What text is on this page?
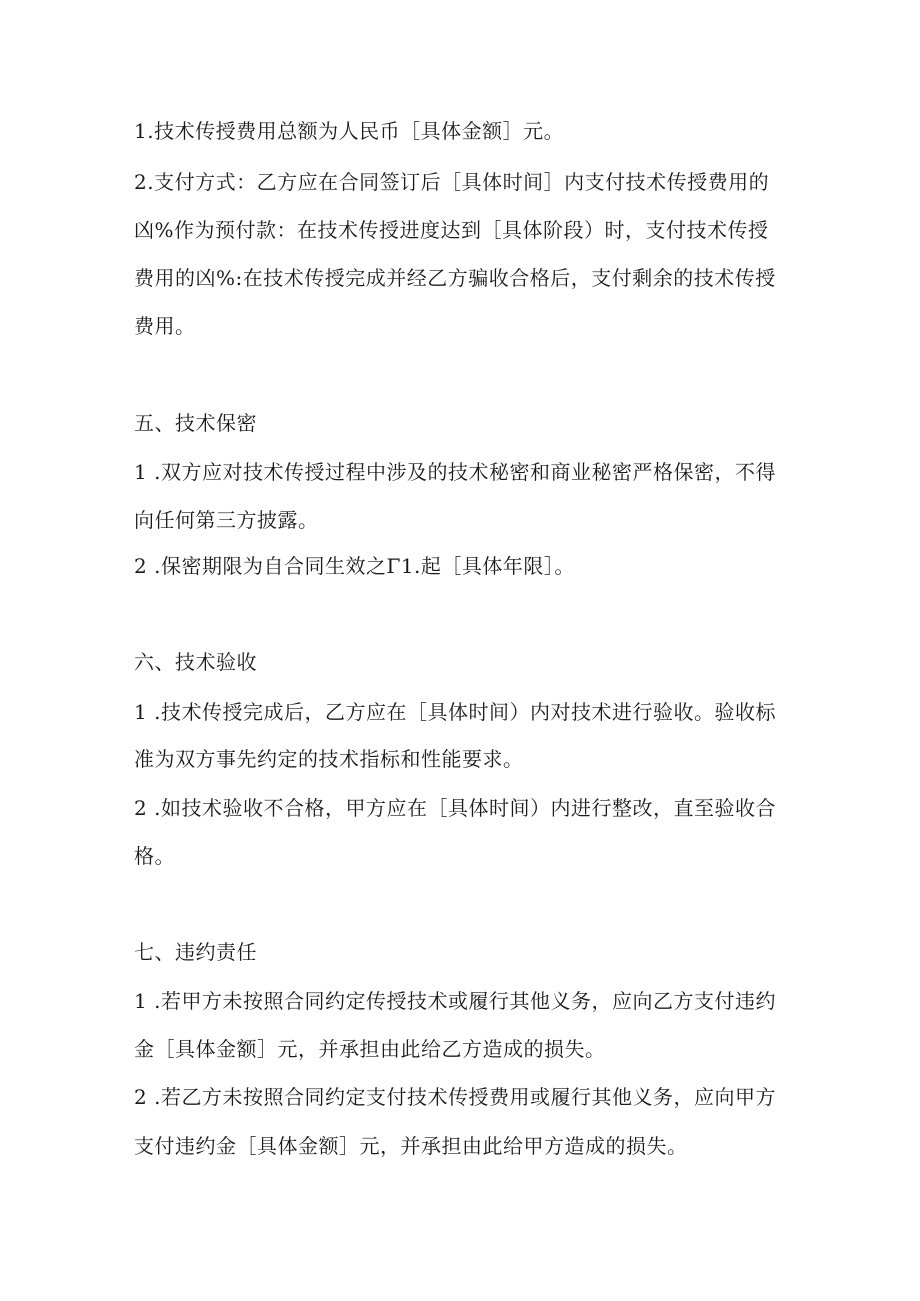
1.技术传授费用总额为人民币［具体金额］元。
2.支付方式：乙方应在合同签订后［具体时间］内支付技术传授费用的
凶%作为预付款：在技术传授进度达到［具体阶段）时，支付技术传授
费用的凶%:在技术传授完成并经乙方骗收合格后，支付剩余的技术传授
费用。
五、技术保密
1 .双方应对技术传授过程中涉及的技术秘密和商业秘密严格保密，不得
向任何第三方披露。
2 .保密期限为自合同生效之Γ1.起［具体年限］。
六、技术验收
1 .技术传授完成后，乙方应在［具体时间）内对技术进行验收。验收标
准为双方事先约定的技术指标和性能要求。
2 .如技术验收不合格，甲方应在［具体时间）内进行整改，直至验收合
格。
七、违约责任
1 .若甲方未按照合同约定传授技术或履行其他义务，应向乙方支付违约
金［具体金额］元，并承担由此给乙方造成的损失。
2 .若乙方未按照合同约定支付技术传授费用或履行其他义务，应向甲方
支付违约金［具体金额］元，并承担由此给甲方造成的损失。
